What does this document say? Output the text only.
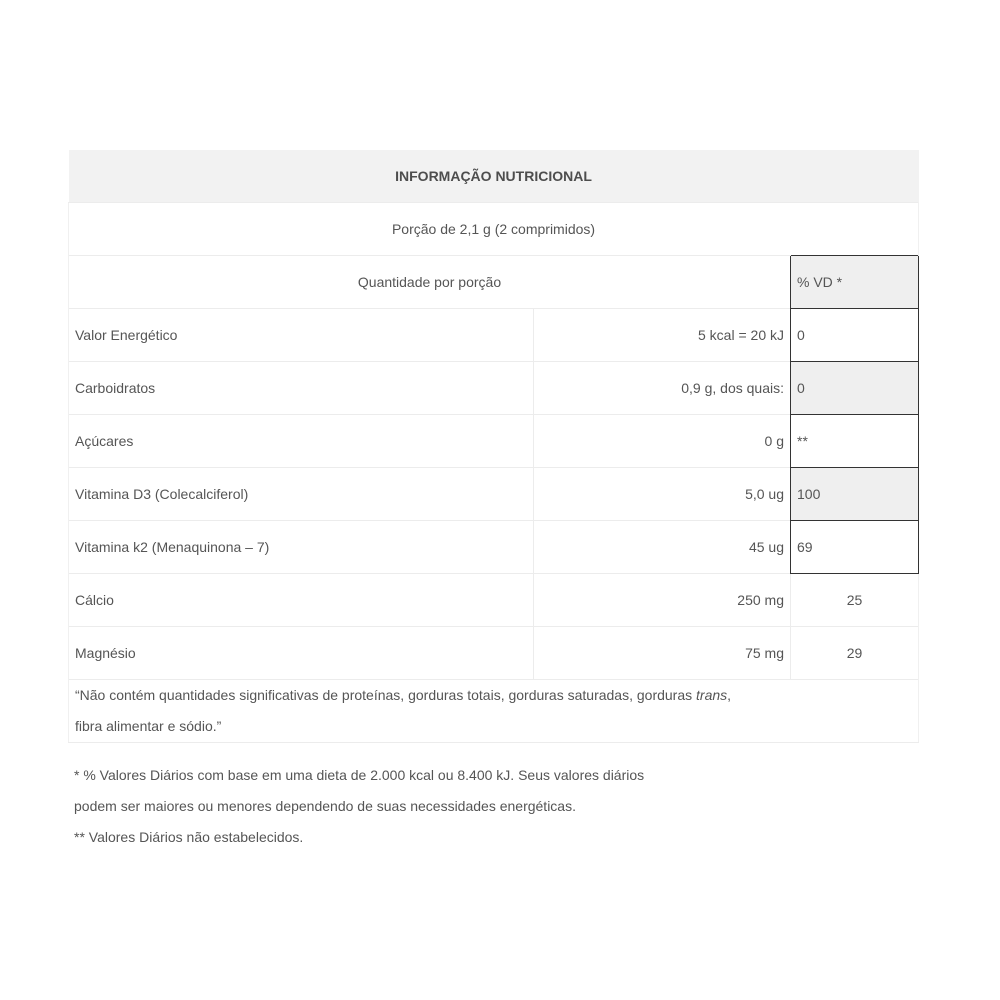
INFORMAÇÃO NUTRICIONAL		
Porção de 2,1 g (2 comprimidos)		
Quantidade por porção		% VD *
Valor Energético	5 kcal = 20 kJ	0
Carboidratos	0,9 g, dos quais:	0
Açúcares	0 g	**
Vitamina D3 (Colecalciferol)	5,0 ug	100
Vitamina k2 (Menaquinona – 7)	45 ug	69
Cálcio	250 mg	25
Magnésio	75 mg	29
“Não contém quantidades significativas de proteínas, gorduras totais, gorduras saturadas, gorduras trans,
fibra alimentar e sódio.”		

* % Valores Diários com base em uma dieta de 2.000 kcal ou 8.400 kJ. Seus valores diários

podem ser maiores ou menores dependendo de suas necessidades energéticas.

** Valores Diários não estabelecidos.
